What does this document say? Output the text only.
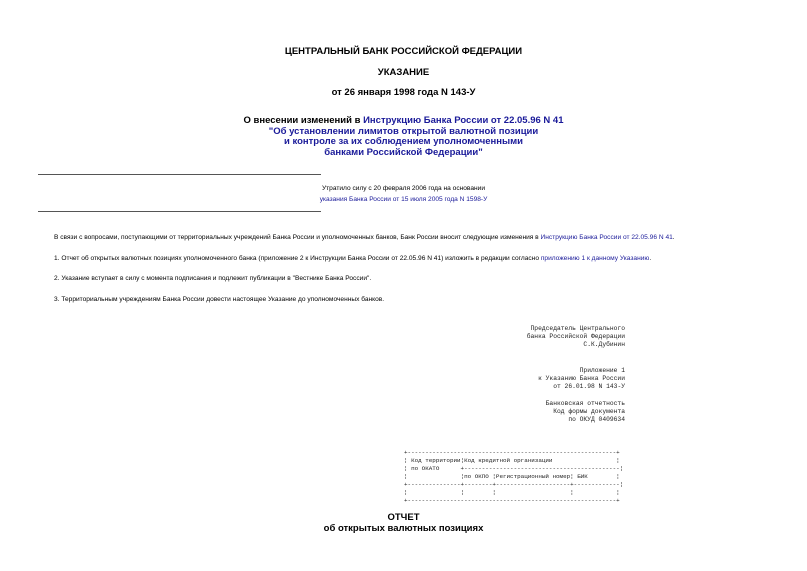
ЦЕНТРАЛЬНЫЙ БАНК РОССИЙСКОЙ ФЕДЕРАЦИИ
УКАЗАНИЕ
от 26 января 1998 года N 143-У
О внесении изменений в Инструкцию Банка России от 22.05.96 N 41
"Об установлении лимитов открытой валютной позиции
и контроле за их соблюдением уполномоченными
банками Российской Федерации"
Утратило силу с 20 февраля 2006 года на основании
указания Банка России от 15 июля 2005 года N 1598-У
В связи с вопросами, поступающими от территориальных учреждений Банка России и уполномоченных банков, Банк России вносит следующие изменения в Инструкцию Банка России от 22.05.96 N 41.
1. Отчет об открытых валютных позициях уполномоченного банка (приложение 2 к Инструкции Банка России от 22.05.96 N 41) изложить в редакции согласно приложению 1 к данному Указанию.
2. Указание вступает в силу с момента подписания и подлежит публикации в "Вестнике Банка России".
3. Территориальным учреждениям Банка России довести настоящее Указание до уполномоченных банков.
Председатель Центрального
банка Российской Федерации
С.К.Дубинин
Приложение 1
к Указанию Банка России
от 26.01.98 N 143-У
Банковская отчетность
Код формы документа
по ОКУД 0409634
+-----------------------------------------------------------+
¦ Код территории¦Код кредитной организации                  ¦
¦ по ОКАТО      +--------------------------------------------¦
¦               ¦по ОКПО ¦Регистрационный номер¦ БИК        ¦
+---------------+--------+---------------------+-------------¦
¦               ¦        ¦                     ¦            ¦
+-----------------------------------------------------------+
ОТЧЕТ
об открытых валютных позициях
